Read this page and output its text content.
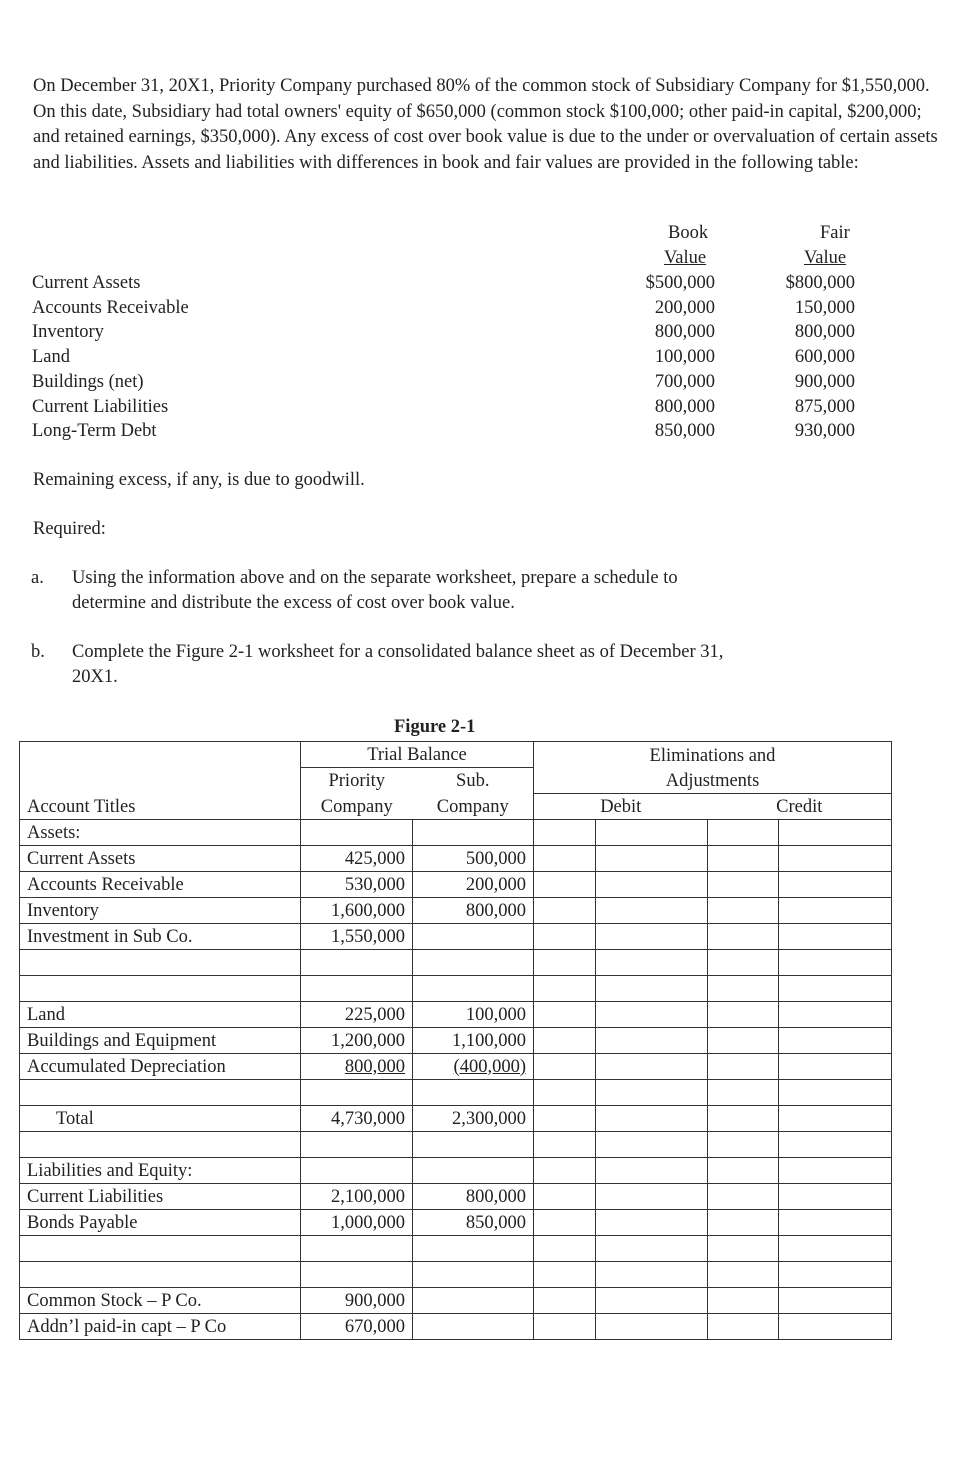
On December 31, 20X1, Priority Company purchased 80% of the common stock of Subsidiary Company for $1,550,000. On this date, Subsidiary had total owners' equity of $650,000 (common stock $100,000; other paid-in capital, $200,000; and retained earnings, $350,000). Any excess of cost over book value is due to the under or overvaluation of certain assets and liabilities. Assets and liabilities with differences in book and fair values are provided in the following table:
Book
Value
Fair
Value
Current Assets	$500,000	$800,000
Accounts Receivable	200,000	150,000
Inventory	800,000	800,000
Land	100,000	600,000
Buildings (net)	700,000	900,000
Current Liabilities	800,000	875,000
Long-Term Debt	850,000	930,000
Remaining excess, if any, is due to goodwill.
Required:
a. Using the information above and on the separate worksheet, prepare a schedule to
determine and distribute the excess of cost over book value.
b. Complete the Figure 2-1 worksheet for a consolidated balance sheet as of December 31,
20X1.
Figure 2-1
	Trial Balance		Eliminations and			
	Priority	Sub.	Adjustments			
Account Titles	Company	Company	Debit		Credit	
Assets:						
Current Assets	425,000	500,000				
Accounts Receivable	530,000	200,000				
Inventory	1,600,000	800,000				
Investment in Sub Co.	1,550,000					

Land	225,000	100,000				
Buildings and Equipment	1,200,000	1,100,000				
Accumulated Depreciation	800,000	(400,000)				

Total	4,730,000	2,300,000				

Liabilities and Equity:						
Current Liabilities	2,100,000	800,000				
Bonds Payable	1,000,000	850,000				

Common Stock – P Co.	900,000					
Addn’l paid-in capt – P Co	670,000					
